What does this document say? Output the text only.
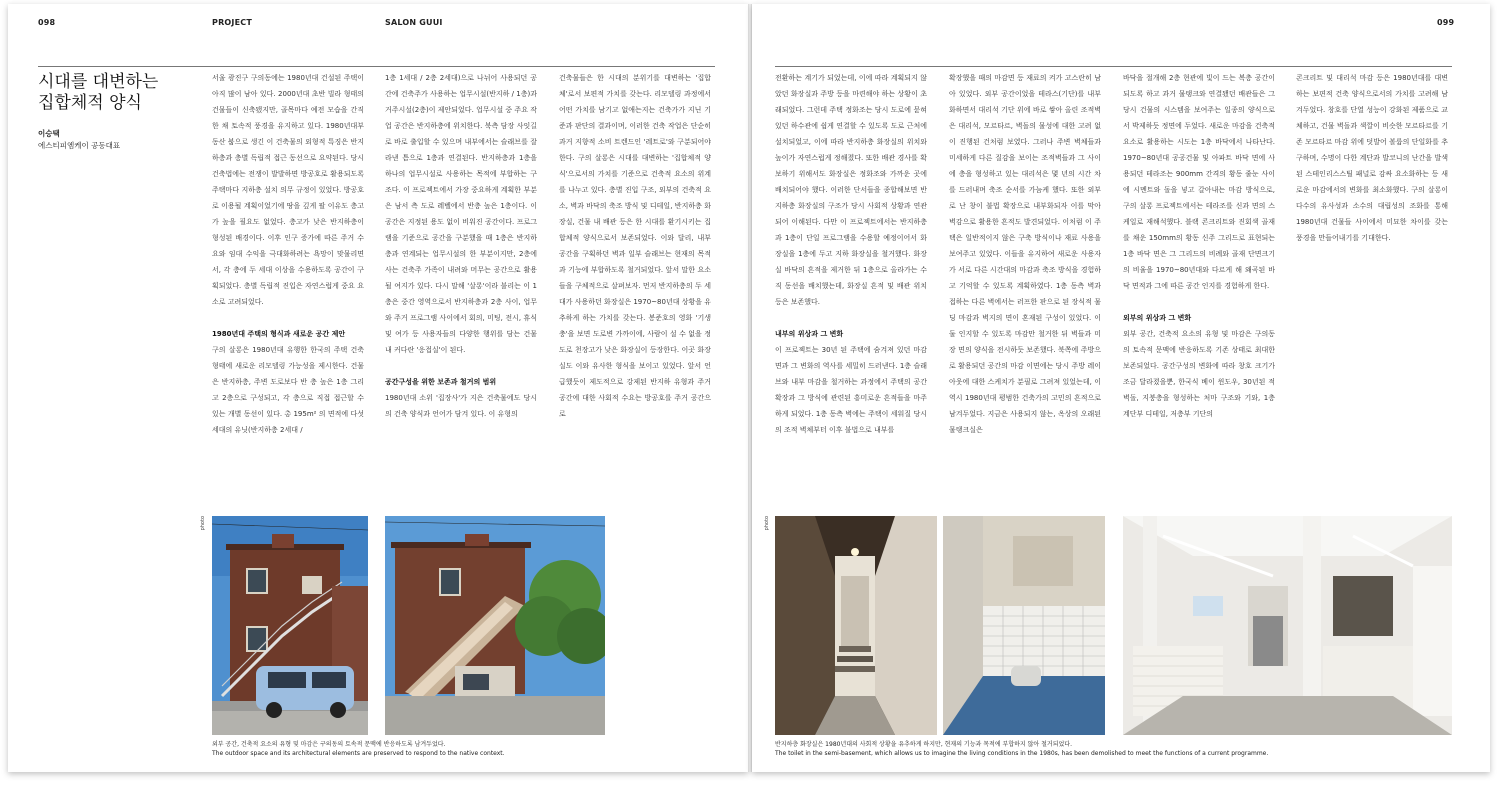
098	PROJECT	SALON GUUI	099
시대를 대변하는
집합체적 양식
이승택
에스티피엠케이 공동대표

서울 광진구 구의동에는 1980년대 건설된 주택이 아직 많이 남아 있다. 2000년대 초반 빌라 형태의 건물들이 신축됐지만, 골목마다 예전 모습을 간직한 채 토속적 풍경을 유지하고 있다. 1980년대부동산 붐으로 생긴 이 건축물의 외형적 특징은 반지하층과 층별 독립적 접근 동선으로 요약된다. 당시 건축법에는 전쟁이 발발하면 방공호로 활용되도록 주택마다 지하층 설치 의무 규정이 있었다. 방공호로 이용될 계획이었기에 땅을 깊게 팔 이유도 층고가 높을 필요도 없었다. 층고가 낮은 반지하층이 형성된 배경이다. 이후 인구 증가에 따른 주거 수요와 임대 수익을 극대화하려는 욕망이 맞물리면서, 각 층에 두 세대 이상을 수용하도록 공간이 구획되었다. 층별 독립적 진입은 자연스럽게 중요 요소로 고려되었다.

1980년대 주택의 형식과 새로운 공간 제안

구의 살롱은 1980년대 유행한 한국의 주택 건축 형태에 새로운 리모델링 가능성을 제시한다. 건물은 반지하층, 주변 도로보다 반 층 높은 1층 그리고 2층으로 구성되고, 각 층으로 직접 접근할 수 있는 개별 동선이 있다. 총 195m² 의 면적에 다섯 세대의 유닛(반지하층 2세대 /

1층 1세대 / 2층 2세대)으로 나뉘어 사용되던 공간에 건축주가 사용하는 업무시설(반지하 / 1층)과 거주시설(2층)이 제안되었다. 업무시설 중 주요 작업 공간은 반지하층에 위치한다. 북측 담장 사잇길로 바로 출입할 수 있으며 내부에서는 슬래브를 잘라낸 틈으로 1층과 연결된다. 반지하층과 1층을 하나의 업무시설로 사용하는 목적에 부합하는 구조다. 이 프로젝트에서 가장 중요하게 계획한 부분은 남서 측 도로 레벨에서 반층 높은 1층이다. 이 공간은 지정된 용도 없이 비워진 공간이다. 프로그램을 기준으로 공간을 구분했을 때 1층은 반지하층과 연계되는 업무시설의 한 부분이지만, 2층에 사는 건축주 가족이 내려와 머무는 공간으로 활용될 여지가 있다. 다시 말해 '살롱'이라 불리는 이 1층은 중간 영역으로서 반지하층과 2층 사이, 업무와 주거 프로그램 사이에서 회의, 미팅, 전시, 휴식 및 여가 등 사용자들의 다양한 행위를 담는 건물 내 커다란 '응접실'이 된다.

공간구성을 위한 보존과 철거의 범위

1980년대 소위 '집장사'가 지은 건축물에도 당시의 건축 양식과 언어가 담겨 있다. 이 유형의

건축물들은 한 시대의 분위기를 대변하는 '집합체'로서 보편적 가치를 갖는다. 리모델링 과정에서 어떤 가치를 남기고 없애는지는 건축가가 지닌 기준과 판단의 결과이며, 이러한 건축 작업은 단순히 과거 지향적 소비 트렌드인 '레트로'와 구분되어야 한다. 구의 살롱은 시대를 대변하는 '집합체적 양식'으로서의 가치를 기준으로 건축적 요소의 위계를 나누고 있다. 층별 진입 구조, 외부의 건축적 요소, 벽과 바닥의 축조 방식 및 디테일, 반지하층 화장실, 건물 내 배관 등은 한 시대를 환기시키는 집합체적 양식으로서 보존되었다. 이와 달리, 내부 공간을 구획하던 벽과 일부 슬래브는 현재의 목적과 기능에 부합하도록 철거되었다. 앞서 말한 요소들을 구체적으로 살펴보자. 먼저 반지하층의 두 세대가 사용하던 화장실은 1970~80년대 상황을 유추하게 하는 가치를 갖는다. 봉준호의 영화 '기생충'을 보면 도로변 가까이에, 사람이 설 수 없을 정도로 천장고가 낮은 화장실이 등장한다. 이곳 화장실도 이와 유사한 형식을 보이고 있었다. 앞서 언급했듯이 제도적으로 강제된 반지하 유형과 주거 공간에 대한 사회적 수요는 방공호를 주거 공간으로

전환하는 계기가 되었는데, 이에 따라 계획되지 않았던 화장실과 주방 등을 마련해야 하는 상황이 초래되었다. 그런데 주택 정화조는 당시 도로에 묻혀 있던 하수관에 쉽게 연결할 수 있도록 도로 근처에 설치되었고, 이에 따라 반지하층 화장실의 위치와 높이가 자연스럽게 정해졌다. 또한 배관 경사를 확보하기 위해서도 화장실은 정화조와 가까운 곳에 배치되어야 했다. 이러한 단서들을 종합해보면 반지하층 화장실의 구조가 당시 사회적 상황과 연관되어 이해된다. 다만 이 프로젝트에서는 반지하층과 1층이 단일 프로그램을 수용할 예정이어서 화장실을 1층에 두고 지하 화장실을 철거했다. 화장실 바닥의 흔적을 제거한 뒤 1층으로 올라가는 수직 동선을 배치했는데, 화장실 흔적 및 배관 위치 등은 보존했다.

내부의 위상과 그 변화

이 프로젝트는 30년 된 주택에 숨겨져 있던 마감면과 그 변화의 역사를 세밀히 드러낸다. 1층 슬래브와 내부 마감을 철거하는 과정에서 주택의 공간 확장과 그 방식에 관련된 흥미로운 흔적들을 마주하게 되었다. 1층 동측 벽에는 주택이 세워질 당시의 조적 벽체부터 이후 불법으로 내부를

확장했을 때의 마감면 등 재료의 켜가 고스란히 남아 있었다. 외부 공간이었을 테라스(기단)를 내부화하면서 대리석 기단 위에 바로 쌓아 올린 조적벽은 대리석, 모르타르, 벽돌의 물성에 대한 고려 없이 진행된 건처럼 보였다. 그러나 주변 벽체들과 미세하게 다른 질감을 보이는 조적벽들과 그 사이에 층을 형성하고 있는 대리석은 몇 년의 시간 차를 드러내며 축조 순서를 가늠케 했다. 또한 외부로 난 창이 불법 확장으로 내부화되자 이를 막아 벽감으로 활용한 흔적도 발견되었다. 이처럼 이 주택은 일반적이지 않은 구축 방식이나 재료 사용을 보여주고 있었다. 이들을 유지하여 새로운 사용자가 서로 다른 시간대의 마감과 축조 방식을 경험하고 기억할 수 있도록 계획하였다. 1층 동측 벽과 접하는 다른 벽에서는 러프한 판으로 된 장식적 물딩 마감과 벽지의 면이 혼재된 구성이 있었다. 이 둘 인지할 수 있도록 마감만 철거한 뒤 벽들과 미장 면의 양식을 전시하듯 보존했다. 북쪽에 주방으로 활용되던 공간의 마감 이면에는 당시 주방 레이아웃에 대한 스케치가 분필로 그려져 있었는데, 이 역시 1980년대 평범한 건축가의 고민의 흔적으로 남겨두었다. 지금은 사용되지 않는, 옥상의 오래된 물탱크실은

바닥을 절개해 2층 현관에 빛이 드는 복층 공간이 되도록 하고 과거 물탱크와 연결됐던 배관들은 그 당시 건물의 시스템을 보여주는 일종의 양식으로서 박제하듯 정면에 두었다. 새로운 마감을 건축적 요소로 활용하는 시도는 1층 바닥에서 나타난다. 1970~80년대 공공건물 및 아파트 바닥 면에 사용되던 테라조는 900mm 간격의 황동 줄눈 사이에 시멘트와 돌을 넣고 갈아내는 마감 방식으로, 구의 살롱 프로젝트에서는 테라조를 신과 면의 스케일로 재해석했다. 블랙 콘크리트와 진회색 골재를 채운 150mm의 황동 신주 그리드로 표현되는 1층 바닥 면은 그 그리드의 비례와 골재 단면크기의 비율을 1970~80년대와 다르게 해 왜곡된 바닥 면적과 그에 따른 공간 인지를 경험하게 한다.

외부의 위상과 그 변화

외부 공간, 건축적 요소의 유형 및 마감은 구의동의 토속적 문맥에 반응하도록 기존 상태로 최대한 보존되었다. 공간구성의 변화에 따라 창호 크기가 조금 달라졌을뿐, 한국식 베이 윈도우, 30년된 적벽돌, 지붕층을 형성하는 처마 구조와 기와, 1층 계단부 디테일, 저층부 기단의

콘크리트 및 대리석 마감 등은 1980년대를 대변하는 보편적 건축 양식으로서의 가치를 고려해 남겨두었다. 창호를 단열 성능이 강화된 제품으로 교체하고, 건물 벽돌과 색깔이 비슷한 모르타르를 기존 모르타르 마감 위에 덧발어 볼륨의 단일화를 추구하며, 수명이 다한 계단과 발코니의 난간을 발색된 스테인리스스틸 패널로 감싸 요소화하는 등 새로운 마감에서의 변화를 최소화했다. 구의 살롱이 다수의 유사성과 소수의 대립성의 조화를 통해 1980년대 건물들 사이에서 미묘한 차이를 갖는 풍경을 만들어내기를 기대한다.

photo
외부 공간, 건축적 요소의 유형 및 마감은 구의동의 토속적 문맥에 반응하도록 남겨두었다.
The outdoor space and its architectural elements are preserved to respond to the native context.
photo
반지하층 화장실은 1980년대의 사회적 상황을 유추하게 하지만, 현재의 기능과 목적에 부합하지 않아 철거되었다.
The toilet in the semi-basement, which allows us to imagine the living conditions in the 1980s, has been demolished to meet the functions of a current programme.
